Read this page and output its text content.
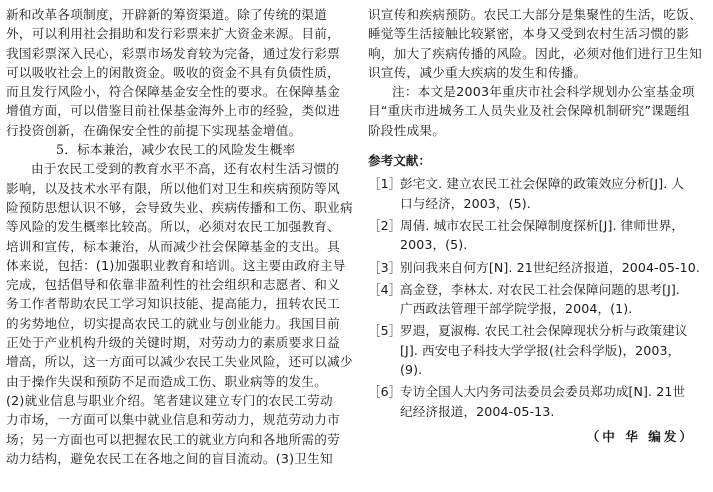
新和改革各项制度，开辟新的筹资渠道。除了传统的渠道
外，可以利用社会捐助和发行彩票来扩大资金来源。目前，
我国彩票深入民心，彩票市场发育较为完备，通过发行彩票
可以吸收社会上的闲散资金。吸收的资金不具有负债性质，
而且发行风险小，符合保障基金安全性的要求。在保障基金
增值方面，可以借鉴目前社保基金海外上市的经验，类似进
行投资创新，在确保安全性的前提下实现基金增值。
5．标本兼治，减少农民工的风险发生概率
由于农民工受到的教育水平不高，还有农村生活习惯的
影响，以及技术水平有限，所以他们对卫生和疾病预防等风
险预防思想认识不够，会导致失业、疾病传播和工伤、职业病
等风险的发生概率比较高。所以，必须对农民工加强教育、
培训和宣传，标本兼治，从而减少社会保障基金的支出。具
体来说，包括：(1)加强职业教育和培训。这主要由政府主导
完成，包括倡导和依靠非盈利性的社会组织和志愿者、和义
务工作者帮助农民工学习知识技能、提高能力，扭转农民工
的劣势地位，切实提高农民工的就业与创业能力。我国目前
正处于产业机构升级的关键时期，对劳动力的素质要求日益
增高，所以，这一方面可以减少农民工失业风险，还可以减少
由于操作失误和预防不足而造成工伤、职业病等的发生。
(2)就业信息与职业介绍。笔者建议建立专门的农民工劳动
力市场，一方面可以集中就业信息和劳动力，规范劳动力市
场；另一方面也可以把握农民工的就业方向和各地所需的劳
动力结构，避免农民工在各地之间的盲目流动。(3)卫生知
识宣传和疾病预防。农民工大部分是集聚性的生活，吃饭、
睡觉等生活接触比较紧密，本身又受到农村生活习惯的影
响，加大了疾病传播的风险。因此，必须对他们进行卫生知
识宣传，减少重大疾病的发生和传播。
注：本文是2003年重庆市社会科学规划办公室基金项
目“重庆市进城务工人员失业及社会保障机制研究”课题组
阶段性成果。
参考文献：
［1］
彭宅文. 建立农民工社会保障的政策效应分析[J]. 人
口与经济，2003，(5).
［2］
周倩. 城市农民工社会保障制度探析[J]. 律师世界，
2003，(5).
［3］
别问我来自何方[N]. 21世纪经济报道，2004-05-10.
［4］
高金登，李林太. 对农民工社会保障问题的思考[J].
广西政法管理干部学院学报，2004，(1).
［5］
罗遐，夏淑梅. 农民工社会保障现状分析与政策建议
[J]. 西安电子科技大学学报(社会科学版)，2003，
(9).
［6］
专访全国人大内务司法委员会委员郑功成[N]. 21世
纪经济报道，2004-05-13.
（中 华 编发）
